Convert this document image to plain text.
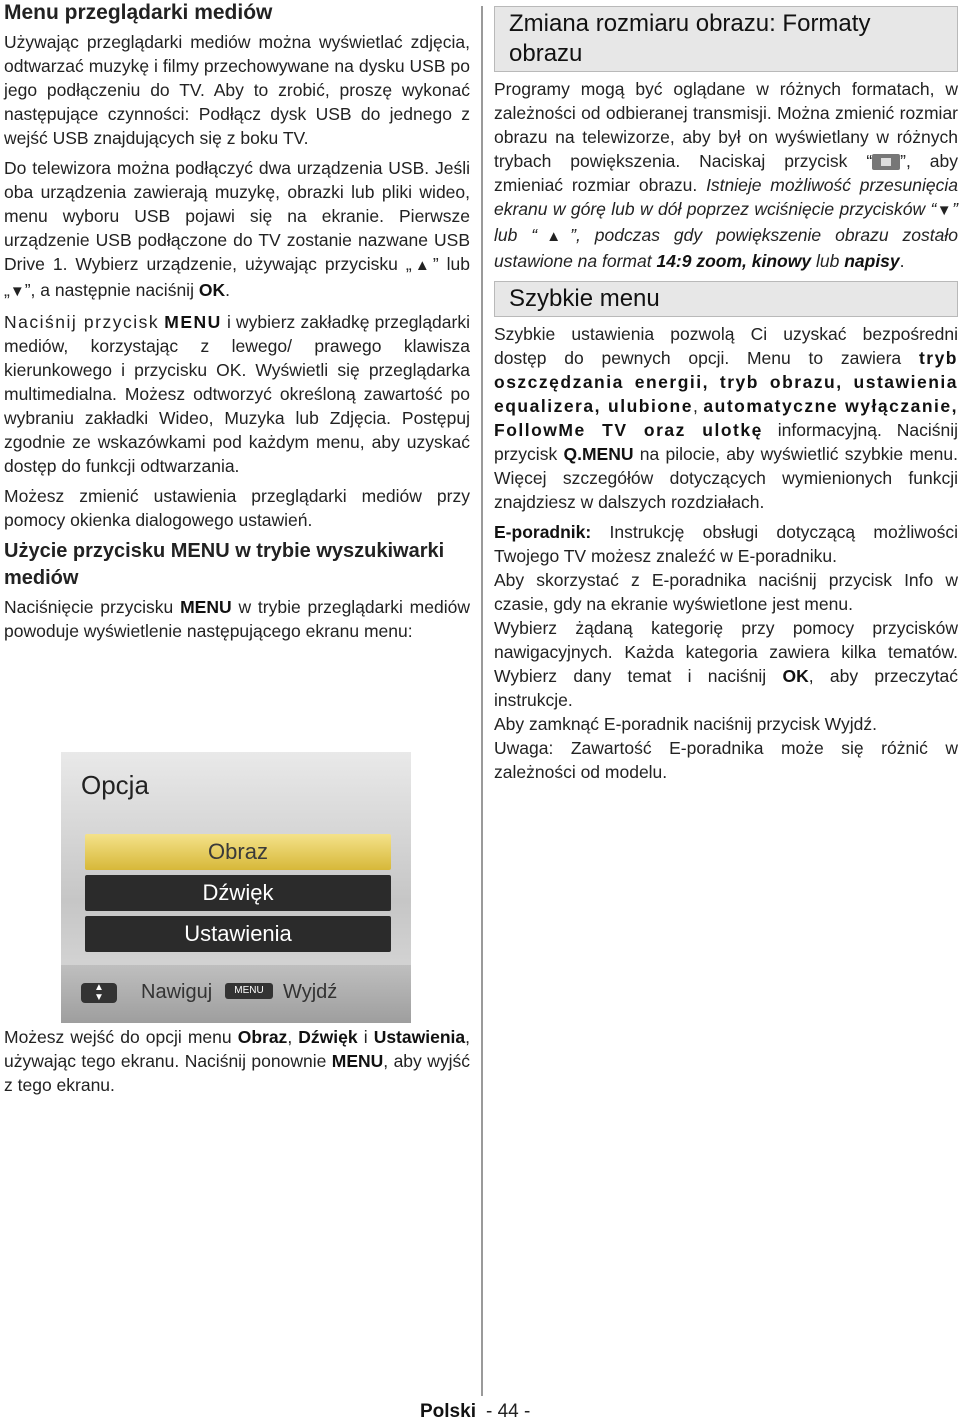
Menu przeglądarki mediów

Używając przeglądarki mediów można wyświetlać zdjęcia, odtwarzać muzykę i filmy przechowywane na dysku USB po jego podłączeniu do TV. Aby to zrobić, proszę wykonać następujące czynności: Podłącz dysk USB do jednego z wejść USB znajdujących się z boku TV.

Do telewizora można podłączyć dwa urządzenia USB. Jeśli oba urządzenia zawierają muzykę, obrazki lub pliki wideo, menu wyboru USB pojawi się na ekranie. Pierwsze urządzenie USB podłączone do TV zostanie nazwane USB Drive 1. Wybierz urządzenie, używając przycisku „▲” lub „▼”, a następnie naciśnij OK.

Naciśnij przycisk MENU i wybierz zakładkę przeglądarki mediów, korzystając z lewego/ prawego klawisza kierunkowego i przycisku OK. Wyświetli się przeglądarka multimedialna. Możesz odtworzyć określoną zawartość po wybraniu zakładki Wideo, Muzyka lub Zdjęcia. Postępuj zgodnie ze wskazówkami pod każdym menu, aby uzyskać dostęp do funkcji odtwarzania.

Możesz zmienić ustawienia przeglądarki mediów przy pomocy okienka dialogowego ustawień.

Użycie przycisku MENU w trybie wyszukiwarki mediów

Naciśnięcie przycisku MENU w trybie przeglądarki mediów powoduje wyświetlenie następującego ekranu menu:

Opcja
Obraz
Dźwięk
Ustawienia
▲
▼	Nawiguj	MENU Wyjdź

Możesz wejść do opcji menu Obraz, Dźwięk i Ustawienia, używając tego ekranu. Naciśnij ponownie MENU, aby wyjść z tego ekranu.

Zmiana rozmiaru obrazu: Formaty obrazu

Programy mogą być oglądane w różnych formatach, w zależności od odbieranej transmisji. Można zmienić rozmiar obrazu na telewizorze, aby był on wyświetlany w różnych trybach powiększenia. Naciskaj przycisk “ ”, aby zmieniać rozmiar obrazu. Istnieje możliwość przesunięcia ekranu w górę lub w dół poprzez wciśnięcie przycisków “▼” lub “▲”, podczas gdy powiększenie obrazu zostało ustawione na format 14:9 zoom, kinowy lub napisy.

Szybkie menu

Szybkie ustawienia pozwolą Ci uzyskać bezpośredni dostęp do pewnych opcji. Menu to zawiera tryb oszczędzania energii, tryb obrazu, ustawienia equalizera, ulubione, automatyczne wyłączanie, FollowMe TV oraz ulotkę informacyjną. Naciśnij przycisk Q.MENU na pilocie, aby wyświetlić szybkie menu. Więcej szczegółów dotyczących wymienionych funkcji znajdziesz w dalszych rozdziałach.

E-poradnik: Instrukcję obsługi dotyczącą możliwości Twojego TV możesz znaleźć w E-poradniku.

Aby skorzystać z E-poradnika naciśnij przycisk Info w czasie, gdy na ekranie wyświetlone jest menu.

Wybierz żądaną kategorię przy pomocy przycisków nawigacyjnych. Każda kategoria zawiera kilka tematów. Wybierz dany temat i naciśnij OK, aby przeczytać instrukcje.

Aby zamknąć E-poradnik naciśnij przycisk Wyjdź.

Uwaga: Zawartość E-poradnika może się różnić w zależności od modelu.

Polski - 44 -
